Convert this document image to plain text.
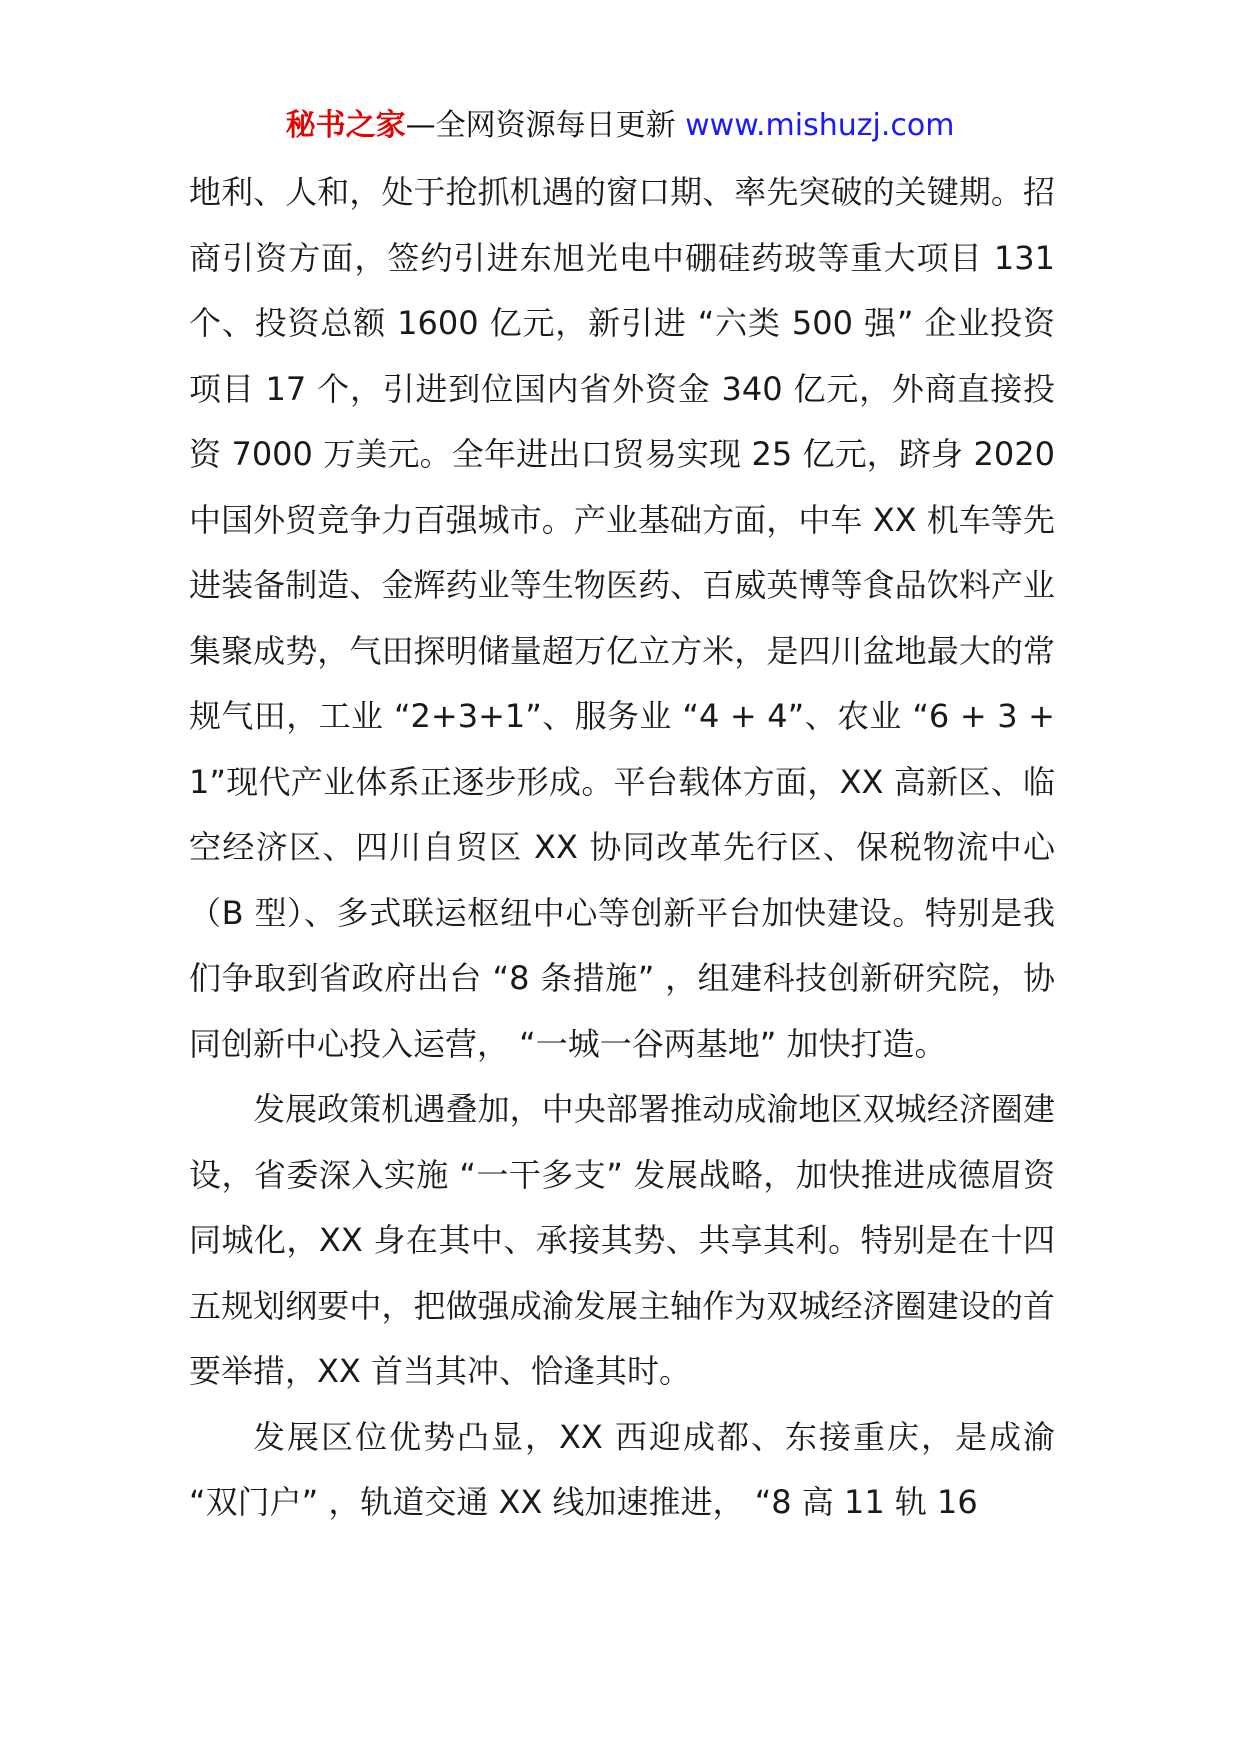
秘书之家—全网资源每日更新 www.mishuzj.com

地利、人和，处于抢抓机遇的窗口期、率先突破的关键期。招商引资方面，签约引进东旭光电中硼硅药玻等重大项目 131 个、投资总额 1600 亿元，新引进 “六类 500 强” 企业投资项目 17 个，引进到位国内省外资金 340 亿元，外商直接投资 7000 万美元。全年进出口贸易实现 25 亿元，跻身 2020 中国外贸竞争力百强城市。产业基础方面，中车 XX 机车等先进装备制造、金辉药业等生物医药、百威英博等食品饮料产业集聚成势，气田探明储量超万亿立方米，是四川盆地最大的常规气田，工业 “2+3+1”、服务业 “4 + 4”、农业 “6 + 3 + 1”现代产业体系正逐步形成。平台载体方面，XX 高新区、临空经济区、四川自贸区 XX 协同改革先行区、保税物流中心（B 型）、多式联运枢纽中心等创新平台加快建设。特别是我们争取到省政府出台 “8 条措施” ，组建科技创新研究院，协同创新中心投入运营， “一城一谷两基地” 加快打造。

发展政策机遇叠加，中央部署推动成渝地区双城经济圈建设，省委深入实施 “一干多支” 发展战略，加快推进成德眉资同城化，XX 身在其中、承接其势、共享其利。特别是在十四五规划纲要中，把做强成渝发展主轴作为双城经济圈建设的首要举措，XX 首当其冲、恰逢其时。

发展区位优势凸显，XX 西迎成都、东接重庆，是成渝 “双门户” ，轨道交通 XX 线加速推进， “8 高 11 轨 16
